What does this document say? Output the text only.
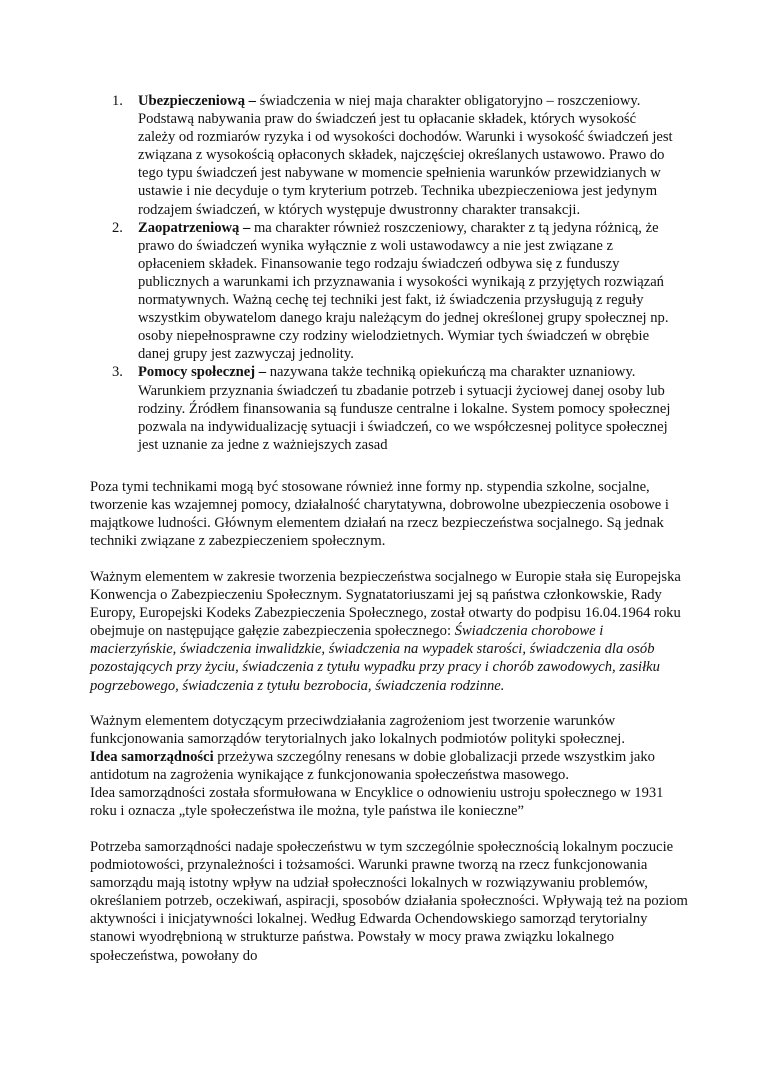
1. Ubezpieczeniową – świadczenia w niej maja charakter obligatoryjno – roszczeniowy. Podstawą nabywania praw do świadczeń jest tu opłacanie składek, których wysokość zależy od rozmiarów ryzyka i od wysokości dochodów. Warunki i wysokość świadczeń jest związana z wysokością opłaconych składek, najczęściej określanych ustawowo. Prawo do tego typu świadczeń jest nabywane w momencie spełnienia warunków przewidzianych w ustawie i nie decyduje o tym kryterium potrzeb. Technika ubezpieczeniowa jest jedynym rodzajem świadczeń, w których występuje dwustronny charakter transakcji.
2. Zaopatrzeniową – ma charakter również roszczeniowy, charakter z tą jedyna różnicą, że prawo do świadczeń wynika wyłącznie z woli ustawodawcy a nie jest związane z opłaceniem składek. Finansowanie tego rodzaju świadczeń odbywa się z funduszy publicznych a warunkami ich przyznawania i wysokości wynikają z przyjętych rozwiązań normatywnych. Ważną cechę tej techniki jest fakt, iż świadczenia przysługują z reguły wszystkim obywatelom danego kraju należącym do jednej określonej grupy społecznej np. osoby niepełnosprawne czy rodziny wielodzietnych. Wymiar tych świadczeń w obrębie danej grupy jest zazwyczaj jednolity.
3. Pomocy społecznej – nazywana także techniką opiekuńczą ma charakter uznaniowy. Warunkiem przyznania świadczeń tu zbadanie potrzeb i sytuacji życiowej danej osoby lub rodziny. Źródłem finansowania są fundusze centralne i lokalne. System pomocy społecznej pozwala na indywidualizację sytuacji i świadczeń, co we współczesnej polityce społecznej jest uznanie za jedne z ważniejszych zasad

Poza tymi technikami mogą być stosowane również inne formy np. stypendia szkolne, socjalne, tworzenie kas wzajemnej pomocy, działalność charytatywna, dobrowolne ubezpieczenia osobowe i majątkowe ludności. Głównym elementem działań na rzecz bezpieczeństwa socjalnego. Są jednak techniki związane z zabezpieczeniem społecznym.

Ważnym elementem w zakresie tworzenia bezpieczeństwa socjalnego w Europie stała się Europejska Konwencja o Zabezpieczeniu Społecznym. Sygnatatoriuszami jej są państwa członkowskie, Rady Europy, Europejski Kodeks Zabezpieczenia Społecznego, został otwarty do podpisu 16.04.1964 roku obejmuje on następujące gałęzie zabezpieczenia społecznego: Świadczenia chorobowe i macierzyńskie, świadczenia inwalidzkie, świadczenia na wypadek starości, świadczenia dla osób pozostających przy życiu, świadczenia z tytułu wypadku przy pracy i chorób zawodowych, zasiłku pogrzebowego, świadczenia z tytułu bezrobocia, świadczenia rodzinne.

Ważnym elementem dotyczącym przeciwdziałania zagrożeniom jest tworzenie warunków funkcjonowania samorządów terytorialnych jako lokalnych podmiotów polityki społecznej.

Idea samorządności przeżywa szczególny renesans w dobie globalizacji przede wszystkim jako antidotum na zagrożenia wynikające z funkcjonowania społeczeństwa masowego.

Idea samorządności została sformułowana w Encyklice o odnowieniu ustroju społecznego w 1931 roku i oznacza „tyle społeczeństwa ile można, tyle państwa ile konieczne”

Potrzeba samorządności nadaje społeczeństwu w tym szczególnie społecznością lokalnym poczucie podmiotowości, przynależności i tożsamości. Warunki prawne tworzą na rzecz funkcjonowania samorządu mają istotny wpływ na udział społeczności lokalnych w rozwiązywaniu problemów, określaniem potrzeb, oczekiwań, aspiracji, sposobów działania społeczności. Wpływają też na poziom aktywności i inicjatywności lokalnej. Według Edwarda Ochendowskiego samorząd terytorialny stanowi wyodrębnioną w strukturze państwa. Powstały w mocy prawa związku lokalnego społeczeństwa, powołany do
